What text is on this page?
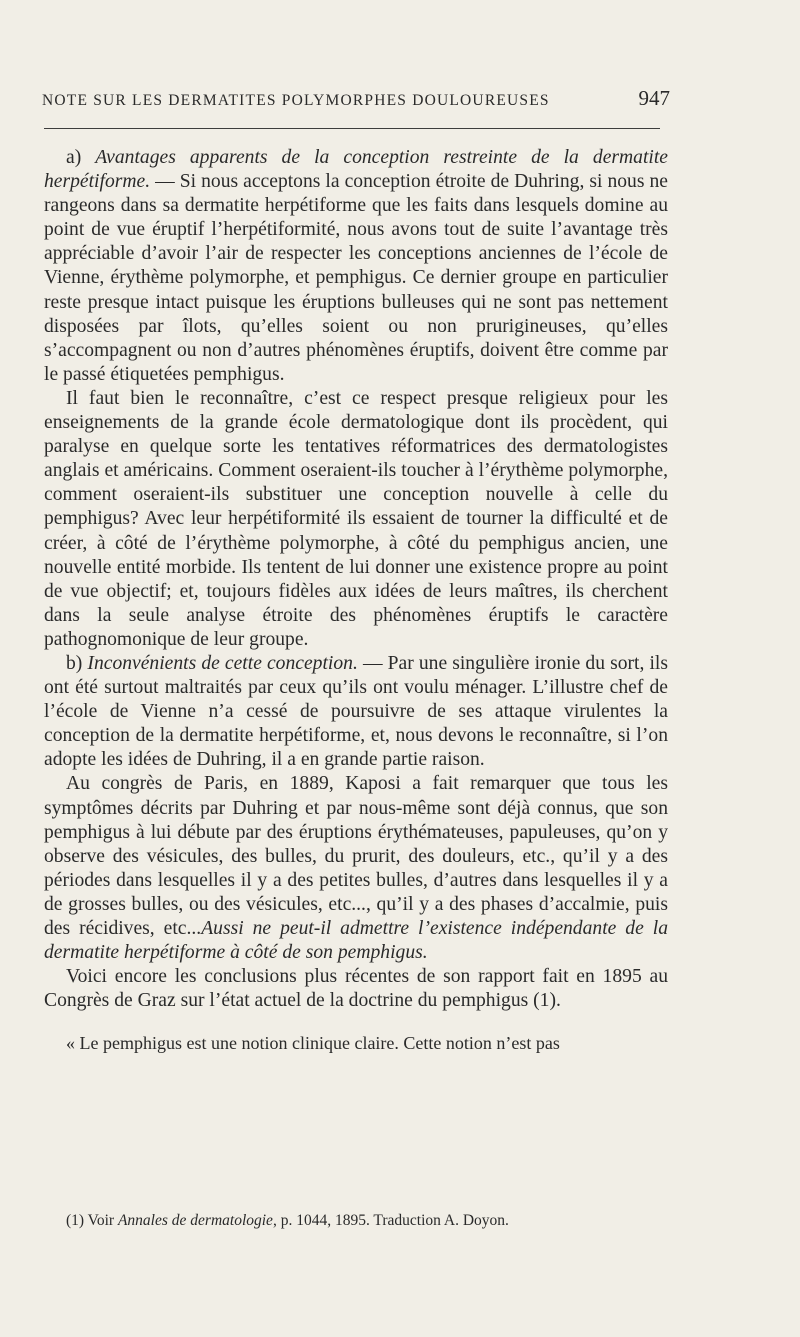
NOTE SUR LES DERMATITES POLYMORPHES DOULOUREUSES	947

a) Avantages apparents de la conception restreinte de la dermatite herpétiforme. — Si nous acceptons la conception étroite de Duhring, si nous ne rangeons dans sa dermatite herpétiforme que les faits dans lesquels domine au point de vue éruptif l’herpétiformité, nous avons tout de suite l’avantage très appréciable d’avoir l’air de respecter les conceptions anciennes de l’école de Vienne, érythème polymorphe, et pemphigus. Ce dernier groupe en particulier reste presque intact puisque les éruptions bulleuses qui ne sont pas nettement disposées par îlots, qu’elles soient ou non prurigineuses, qu’elles s’accompagnent ou non d’autres phénomènes éruptifs, doivent être comme par le passé étiquetées pemphigus.

Il faut bien le reconnaître, c’est ce respect presque religieux pour les enseignements de la grande école dermatologique dont ils procèdent, qui paralyse en quelque sorte les tentatives réformatrices des dermatologistes anglais et américains. Comment oseraient-ils toucher à l’érythème polymorphe, comment oseraient-ils substituer une conception nouvelle à celle du pemphigus? Avec leur herpétiformité ils essaient de tourner la difficulté et de créer, à côté de l’érythème polymorphe, à côté du pemphigus ancien, une nouvelle entité morbide. Ils tentent de lui donner une existence propre au point de vue objectif; et, toujours fidèles aux idées de leurs maîtres, ils cherchent dans la seule analyse étroite des phénomènes éruptifs le caractère pathognomonique de leur groupe.

b) Inconvénients de cette conception. — Par une singulière ironie du sort, ils ont été surtout maltraités par ceux qu’ils ont voulu ménager. L’illustre chef de l’école de Vienne n’a cessé de poursuivre de ses attaque virulentes la conception de la dermatite herpétiforme, et, nous devons le reconnaître, si l’on adopte les idées de Duhring, il a en grande partie raison.

Au congrès de Paris, en 1889, Kaposi a fait remarquer que tous les symptômes décrits par Duhring et par nous-même sont déjà connus, que son pemphigus à lui débute par des éruptions érythémateuses, papuleuses, qu’on y observe des vésicules, des bulles, du prurit, des douleurs, etc., qu’il y a des périodes dans lesquelles il y a des petites bulles, d’autres dans lesquelles il y a de grosses bulles, ou des vésicules, etc..., qu’il y a des phases d’accalmie, puis des récidives, etc...Aussi ne peut-il admettre l’existence indépendante de la dermatite herpétiforme à côté de son pemphigus.

Voici encore les conclusions plus récentes de son rapport fait en 1895 au Congrès de Graz sur l’état actuel de la doctrine du pemphigus (1).

« Le pemphigus est une notion clinique claire. Cette notion n’est pas

(1) Voir Annales de dermatologie, p. 1044, 1895. Traduction A. Doyon.
